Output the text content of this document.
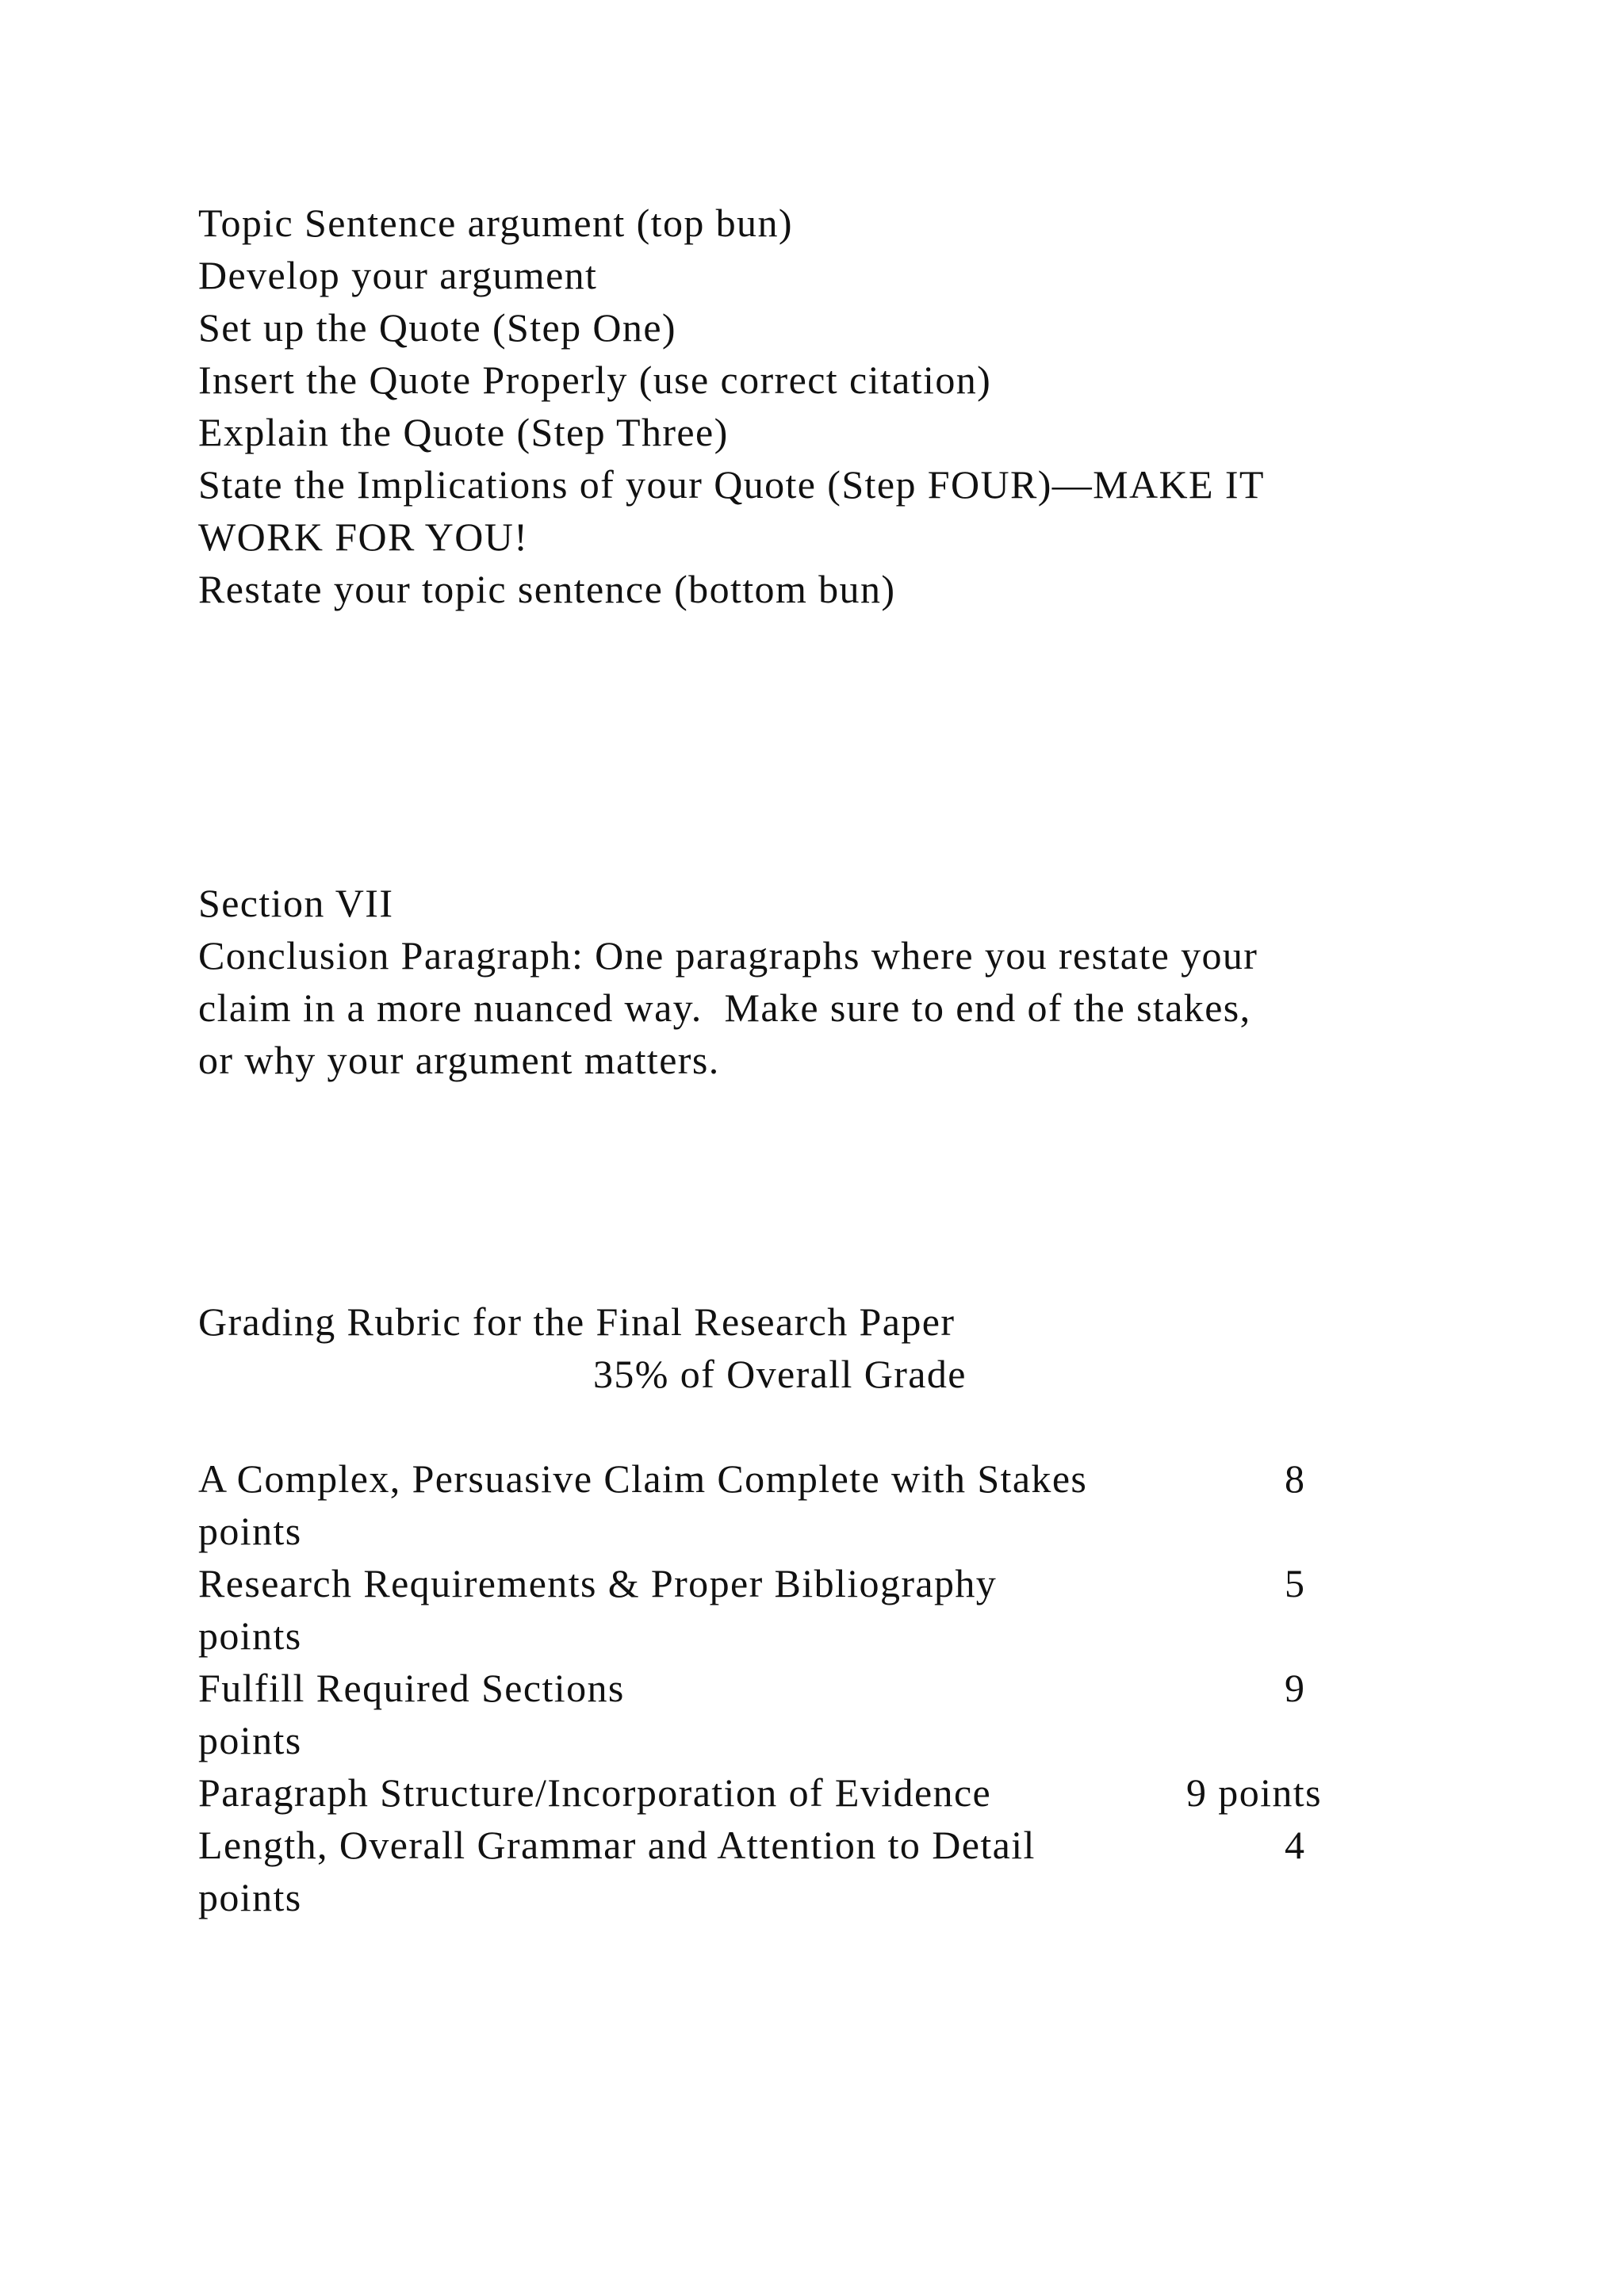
Topic Sentence argument (top bun)
Develop your argument
Set up the Quote (Step One)
Insert the Quote Properly (use correct citation)
Explain the Quote (Step Three)
State the Implications of your Quote (Step FOUR)—MAKE IT
WORK FOR YOU!
Restate your topic sentence (bottom bun)
Section VII
Conclusion Paragraph: One paragraphs where you restate your
claim in a more nuanced way.  Make sure to end of the stakes,
or why your argument matters.
Grading Rubric for the Final Research Paper
35% of Overall Grade
A Complex, Persuasive Claim Complete with Stakes	8
points
Research Requirements & Proper Bibliography	5
points
Fulfill Required Sections	9
points
Paragraph Structure/Incorporation of Evidence	9 points
Length, Overall Grammar and Attention to Detail	4
points
